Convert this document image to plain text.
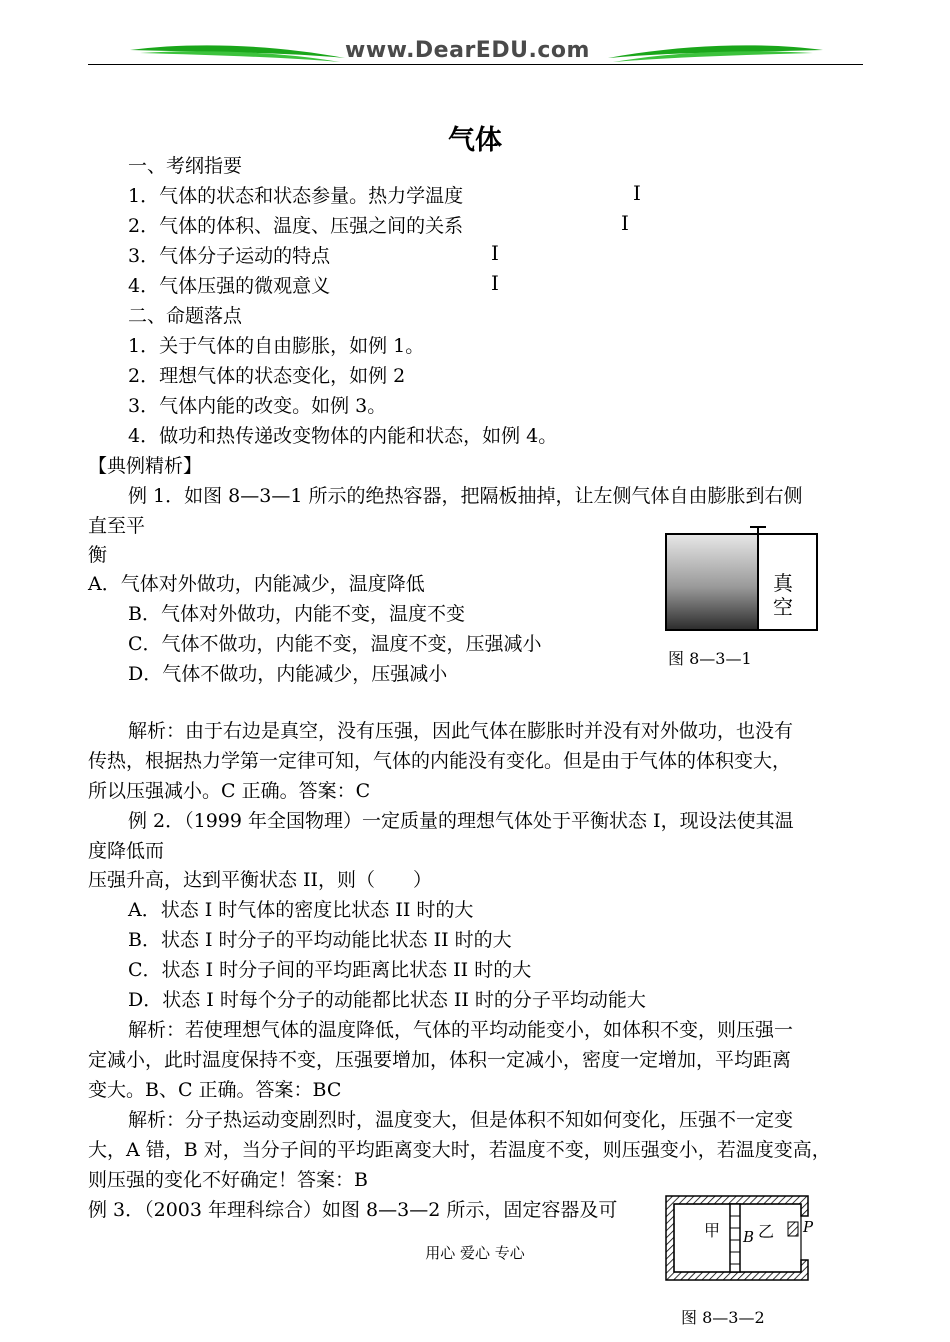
www.DearEDU.com
气体
一、考纲指要
1．气体的状态和状态参量。热力学温度	Ⅰ
2．气体的体积、温度、压强之间的关系	Ⅰ
3．气体分子运动的特点	Ⅰ
4．气体压强的微观意义	Ⅰ
二、命题落点
1．关于气体的自由膨胀，如例 1。
2．理想气体的状态变化，如例 2
3．气体内能的改变。如例 3。
4．做功和热传递改变物体的内能和状态，如例 4。
【典例精析】
例 1．如图 8—3—1 所示的绝热容器，把隔板抽掉，让左侧气体自由膨胀到右侧
直至平
衡
A．气体对外做功，内能减少，温度降低
B．气体对外做功，内能不变，温度不变
C．气体不做功，内能不变，温度不变，压强减小
D．气体不做功，内能减少，压强减小
真
空
图 8—3—1
解析：由于右边是真空，没有压强，因此气体在膨胀时并没有对外做功，也没有
传热，根据热力学第一定律可知，气体的内能没有变化。但是由于气体的体积变大，
所以压强减小。C 正确。答案：C
例 2．（1999 年全国物理）一定质量的理想气体处于平衡状态 I，现设法使其温
度降低而
压强升高，达到平衡状态 II，则（　　）
A．状态 I 时气体的密度比状态 II 时的大
B．状态 I 时分子的平均动能比状态 II 时的大
C．状态 I 时分子间的平均距离比状态 II 时的大
D．状态 I 时每个分子的动能都比状态 II 时的分子平均动能大
解析：若使理想气体的温度降低，气体的平均动能变小，如体积不变，则压强一
定减小，此时温度保持不变，压强要增加，体积一定减小，密度一定增加，平均距离
变大。B、C 正确。答案：BC
解析：分子热运动变剧烈时，温度变大，但是体积不知如何变化，压强不一定变
大，A 错，B 对，当分子间的平均距离变大时，若温度不变，则压强变小，若温度变高，
则压强的变化不好确定！答案：B
例 3．（2003 年理科综合）如图 8—3—2 所示，固定容器及可
甲 B 乙 P
图 8—3—2
用心 爱心 专心
